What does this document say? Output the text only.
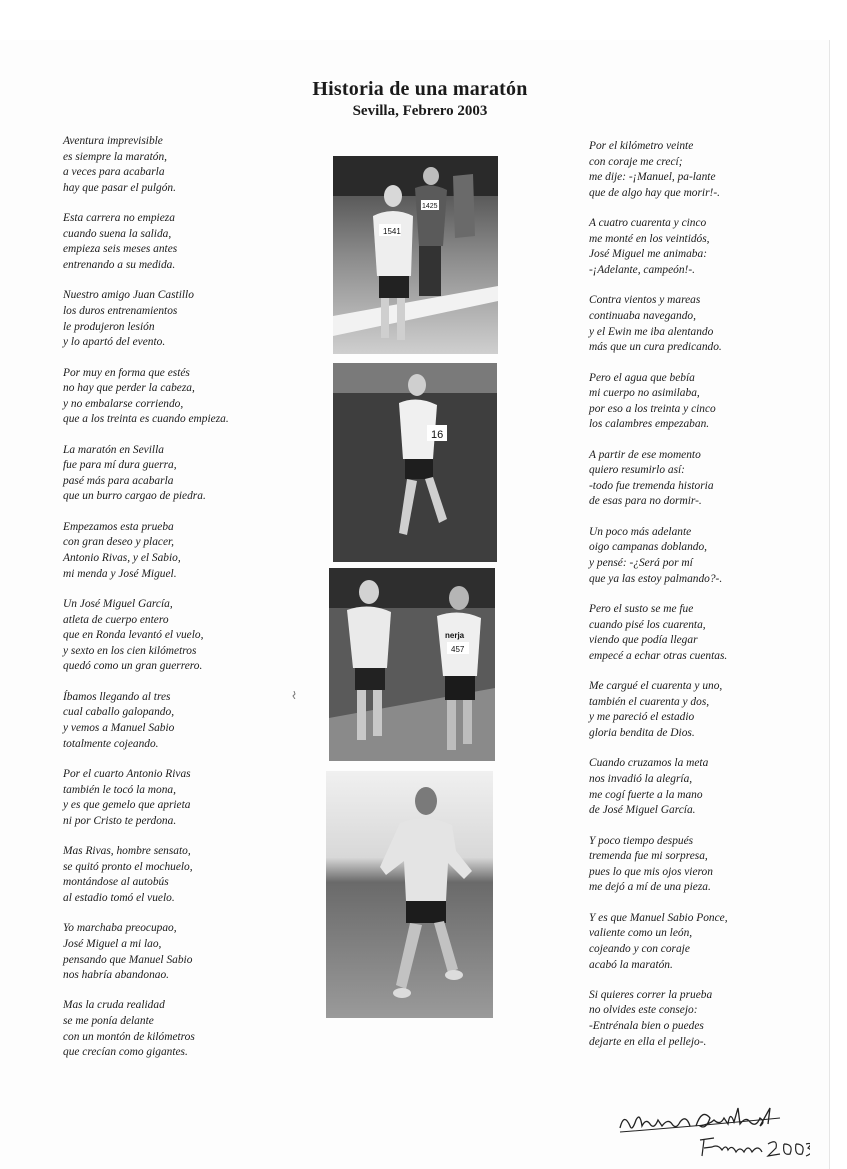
Historia de una maratón
Sevilla, Febrero 2003
Aventura imprevisible
es siempre la maratón,
a veces para acabarla
hay que pasar el pulgón.
Esta carrera no empieza
cuando suena la salida,
empieza seis meses antes
entrenando a su medida.
Nuestro amigo Juan Castillo
los duros entrenamientos
le produjeron lesión
y lo apartó del evento.
Por muy en forma que estés
no hay que perder la cabeza,
y no embalarse corriendo,
que a los treinta es cuando empieza.
La maratón en Sevilla
fue para mí dura guerra,
pasé más para acabarla
que un burro cargao de piedra.
Empezamos esta prueba
con gran deseo y placer,
Antonio Rivas, y el Sabio,
mi menda y José Miguel.
Un José Miguel García,
atleta de cuerpo entero
que en Ronda levantó el vuelo,
y sexto en los cien kilómetros
quedó como un gran guerrero.
Íbamos llegando al tres
cual caballo galopando,
y vemos a Manuel Sabio
totalmente cojeando.
Por el cuarto Antonio Rivas
también le tocó la mona,
y es que gemelo que aprieta
ni por Cristo te perdona.
Mas Rivas, hombre sensato,
se quitó pronto el mochuelo,
montándose al autobús
al estadio tomó el vuelo.
Yo marchaba preocupao,
José Miguel a mi lao,
pensando que Manuel Sabio
nos habría abandonao.
Mas la cruda realidad
se me ponía delante
con un montón de kilómetros
que crecían como gigantes.
Por el kilómetro veinte
con coraje me crecí;
me dije: -¡Manuel, pa-lante
que de algo hay que morir!-.
A cuatro cuarenta y cinco
me monté en los veintidós,
José Miguel me animaba:
-¡Adelante, campeón!-.
Contra vientos y mareas
continuaba navegando,
y el Ewin me iba alentando
más que un cura predicando.
Pero el agua que bebía
mi cuerpo no asimilaba,
por eso a los treinta y cinco
los calambres empezaban.
A partir de ese momento
quiero resumirlo así:
-todo fue tremenda historia
de esas para no dormir-.
Un poco más adelante
oigo campanas doblando,
y pensé: -¿Será por mí
que ya las estoy palmando?-.
Pero el susto se me fue
cuando pisé los cuarenta,
viendo que podía llegar
empecé a echar otras cuentas.
Me cargué el cuarenta y uno,
también el cuarenta y dos,
y me pareció el estadio
gloria bendita de Dios.
Cuando cruzamos la meta
nos invadió la alegría,
me cogí fuerte a la mano
de José Miguel García.
Y poco tiempo después
tremenda fue mi sorpresa,
pues lo que mis ojos vieron
me dejó a mí de una pieza.
Y es que Manuel Sabio Ponce,
valiente como un león,
cojeando y con coraje
acabó la maratón.
Si quieres correr la prueba
no olvides este consejo:
-Entrénala bien o puedes
dejarte en ella el pellejo-.
1541
1425
16
nerja
457
